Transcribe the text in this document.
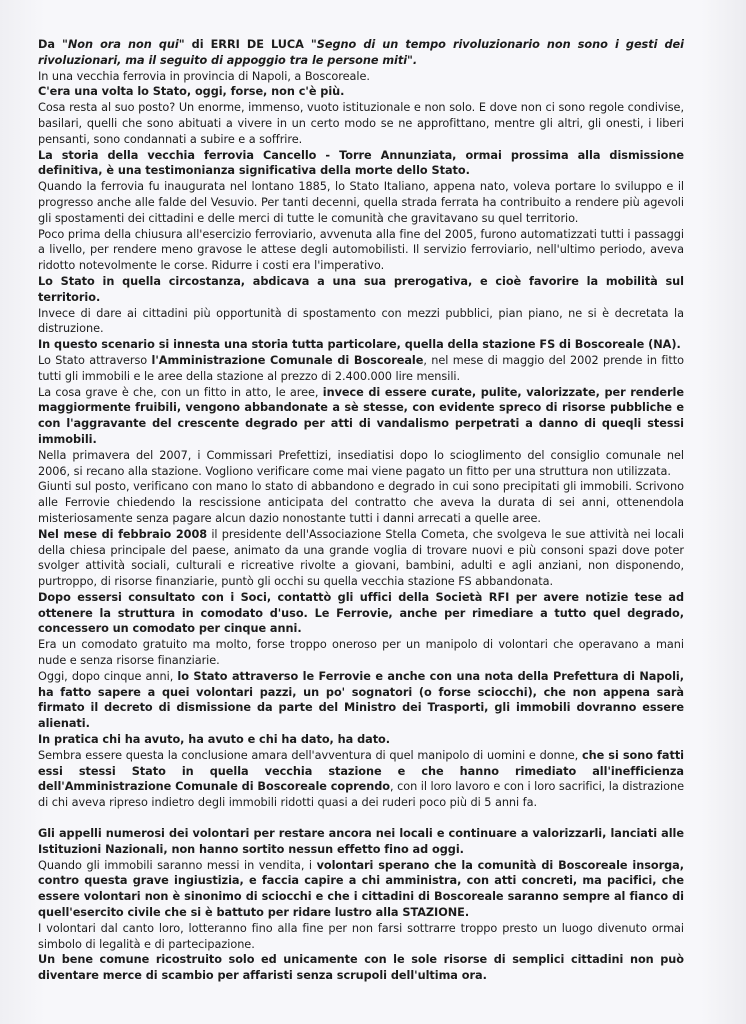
Da "Non ora non qui" di ERRI DE LUCA "Segno di un tempo rivoluzionario non sono i gesti dei rivoluzionari, ma il seguito di appoggio tra le persone miti".

In una vecchia ferrovia in provincia di Napoli, a Boscoreale.

C'era una volta lo Stato, oggi, forse, non c'è più.

Cosa resta al suo posto? Un enorme, immenso, vuoto istituzionale e non solo. E dove non ci sono regole condivise, basilari, quelli che sono abituati a vivere in un certo modo se ne approfittano, mentre gli altri, gli onesti, i liberi pensanti, sono condannati a subire e a soffrire.

La storia della vecchia ferrovia Cancello - Torre Annunziata, ormai prossima alla dismissione definitiva, è una testimonianza significativa della morte dello Stato.

Quando la ferrovia fu inaugurata nel lontano 1885, lo Stato Italiano, appena nato, voleva portare lo sviluppo e il progresso anche alle falde del Vesuvio. Per tanti decenni, quella strada ferrata ha contribuito a rendere più agevoli gli spostamenti dei cittadini e delle merci di tutte le comunità che gravitavano su quel territorio.

Poco prima della chiusura all'esercizio ferroviario, avvenuta alla fine del 2005, furono automatizzati tutti i passaggi a livello, per rendere meno gravose le attese degli automobilisti. Il servizio ferroviario, nell'ultimo periodo, aveva ridotto notevolmente le corse. Ridurre i costi era l'imperativo.

Lo Stato in quella circostanza, abdicava a una sua prerogativa, e cioè favorire la mobilità sul territorio.

Invece di dare ai cittadini più opportunità di spostamento con mezzi pubblici, pian piano, ne si è decretata la distruzione.

In questo scenario si innesta una storia tutta particolare, quella della stazione FS di Boscoreale (NA).

Lo Stato attraverso l'Amministrazione Comunale di Boscoreale, nel mese di maggio del 2002 prende in fitto tutti gli immobili e le aree della stazione al prezzo di 2.400.000 lire mensili.

La cosa grave è che, con un fitto in atto, le aree, invece di essere curate, pulite, valorizzate, per renderle maggiormente fruibili, vengono abbandonate a sè stesse, con evidente spreco di risorse pubbliche e con l'aggravante del crescente degrado per atti di vandalismo perpetrati a danno di queqli stessi immobili.

Nella primavera del 2007, i Commissari Prefettizi, insediatisi dopo lo scioglimento del consiglio comunale nel 2006, si recano alla stazione. Vogliono verificare come mai viene pagato un fitto per una struttura non utilizzata.

Giunti sul posto, verificano con mano lo stato di abbandono e degrado in cui sono precipitati gli immobili. Scrivono alle Ferrovie chiedendo la rescissione anticipata del contratto che aveva la durata di sei anni, ottenendola misteriosamente senza pagare alcun dazio nonostante tutti i danni arrecati a quelle aree.

Nel mese di febbraio 2008 il presidente dell'Associazione Stella Cometa, che svolgeva le sue attività nei locali della chiesa principale del paese, animato da una grande voglia di trovare nuovi e più consoni spazi dove poter svolger attività sociali, culturali e ricreative rivolte a giovani, bambini, adulti e agli anziani, non disponendo, purtroppo, di risorse finanziarie, puntò gli occhi su quella vecchia stazione FS abbandonata.

Dopo essersi consultato con i Soci, contattò gli uffici della Società RFI per avere notizie tese ad ottenere la struttura in comodato d'uso. Le Ferrovie, anche per rimediare a tutto quel degrado, concessero un comodato per cinque anni.

Era un comodato gratuito ma molto, forse troppo oneroso per un manipolo di volontari che operavano a mani nude e senza risorse finanziarie.

Oggi, dopo cinque anni, lo Stato attraverso le Ferrovie e anche con una nota della Prefettura di Napoli, ha fatto sapere a quei volontari pazzi, un po' sognatori (o forse sciocchi), che non appena sarà firmato il decreto di dismissione da parte del Ministro dei Trasporti, gli immobili dovranno essere alienati.

In pratica chi ha avuto, ha avuto e chi ha dato, ha dato.

Sembra essere questa la conclusione amara dell'avventura di quel manipolo di uomini e donne, che si sono fatti essi stessi Stato in quella vecchia stazione e che hanno rimediato all'inefficienza dell'Amministrazione Comunale di Boscoreale coprendo, con il loro lavoro e con i loro sacrifici, la distrazione di chi aveva ripreso indietro degli immobili ridotti quasi a dei ruderi poco più di 5 anni fa.

Gli appelli numerosi dei volontari per restare ancora nei locali e continuare a valorizzarli, lanciati alle Istituzioni Nazionali, non hanno sortito nessun effetto fino ad oggi.

Quando gli immobili saranno messi in vendita, i volontari sperano che la comunità di Boscoreale insorga, contro questa grave ingiustizia, e faccia capire a chi amministra, con atti concreti, ma pacifici, che essere volontari non è sinonimo di sciocchi e che i cittadini di Boscoreale saranno sempre al fianco di quell'esercito civile che si è battuto per ridare lustro alla STAZIONE.

I volontari dal canto loro, lotteranno fino alla fine per non farsi sottrarre troppo presto un luogo divenuto ormai simbolo di legalità e di partecipazione.

Un bene comune ricostruito solo ed unicamente con le sole risorse di semplici cittadini non può diventare merce di scambio per affaristi senza scrupoli dell'ultima ora.
